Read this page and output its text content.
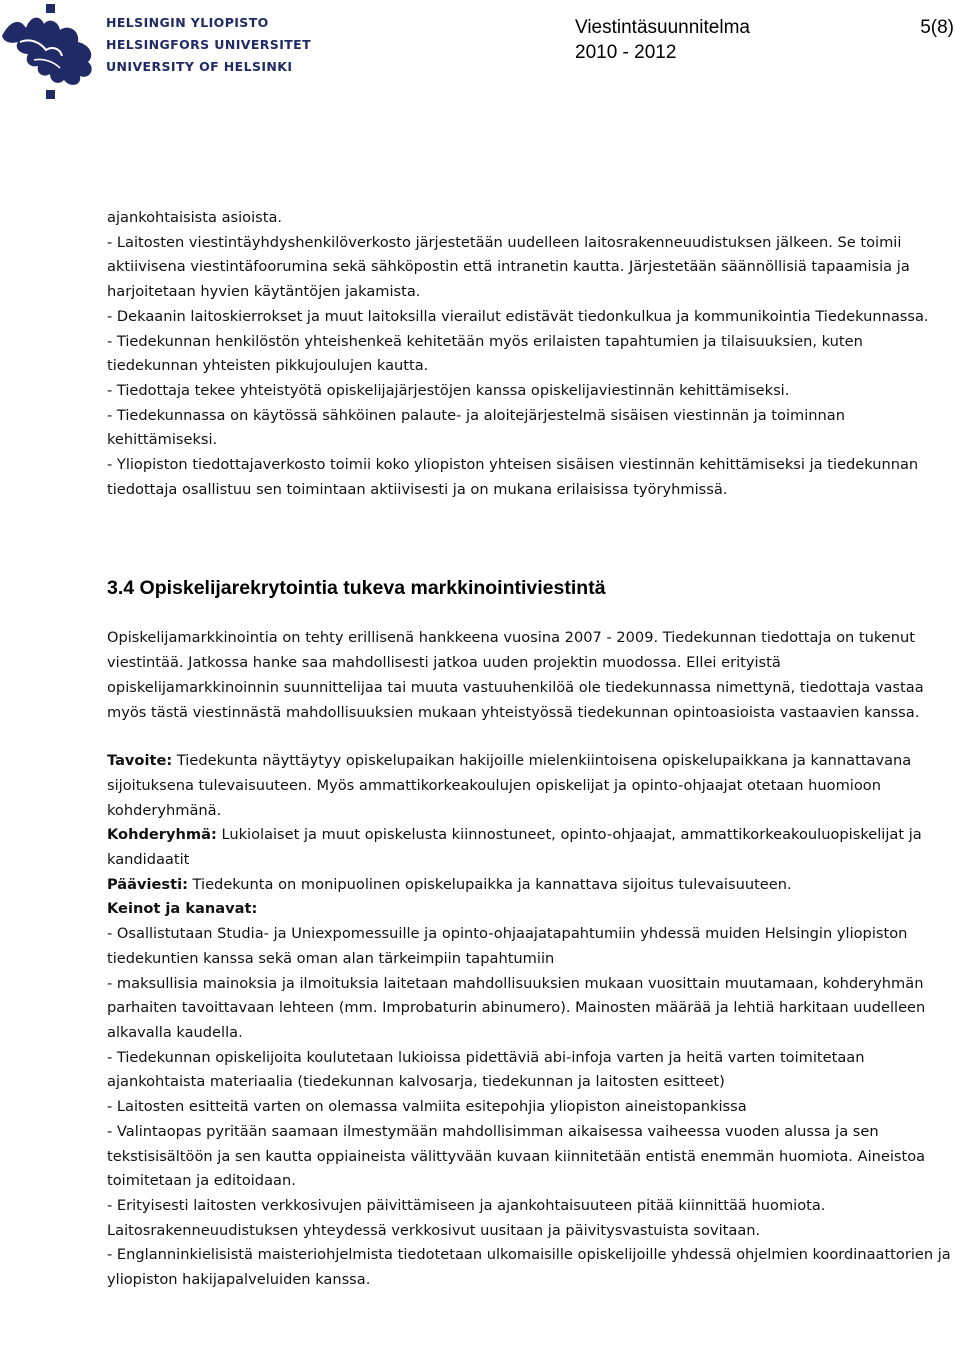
HELSINGIN YLIOPISTO
HELSINGFORS UNIVERSITET
UNIVERSITY OF HELSINKI
Viestintäsuunnitelma
2010 - 2012
5(8)

ajankohtaisista asioista.

- Laitosten viestintäyhdyshenkilöverkosto järjestetään uudelleen laitosrakenneuudistuksen jälkeen. Se toimii aktiivisena viestintäfoorumina sekä sähköpostin että intranetin kautta. Järjestetään säännöllisiä tapaamisia ja harjoitetaan hyvien käytäntöjen jakamista.

- Dekaanin laitoskierrokset ja muut laitoksilla vierailut edistävät tiedonkulkua ja kommunikointia Tiedekunnassa.

- Tiedekunnan henkilöstön yhteishenkeä kehitetään myös erilaisten tapahtumien ja tilaisuuksien, kuten tiedekunnan yhteisten pikkujoulujen kautta.

- Tiedottaja tekee yhteistyötä opiskelijajärjestöjen kanssa opiskelijaviestinnän kehittämiseksi.

- Tiedekunnassa on käytössä sähköinen palaute- ja aloitejärjestelmä sisäisen viestinnän ja toiminnan kehittämiseksi.

- Yliopiston tiedottajaverkosto toimii koko yliopiston yhteisen sisäisen viestinnän kehittämiseksi ja tiedekunnan tiedottaja osallistuu sen toimintaan aktiivisesti ja on mukana erilaisissa työryhmissä.

3.4 Opiskelijarekrytointia tukeva markkinointiviestintä

Opiskelijamarkkinointia on tehty erillisenä hankkeena vuosina 2007 - 2009. Tiedekunnan tiedottaja on tukenut viestintää. Jatkossa hanke saa mahdollisesti jatkoa uuden projektin muodossa. Ellei erityistä opiskelijamarkkinoinnin suunnittelijaa tai muuta vastuuhenkilöä ole tiedekunnassa nimettynä, tiedottaja vastaa myös tästä viestinnästä mahdollisuuksien mukaan yhteistyössä tiedekunnan opintoasioista vastaavien kanssa.

Tavoite: Tiedekunta näyttäytyy opiskelupaikan hakijoille mielenkiintoisena opiskelupaikkana ja kannattavana sijoituksena tulevaisuuteen. Myös ammattikorkeakoulujen opiskelijat ja opinto-ohjaajat otetaan huomioon kohderyhmänä.

Kohderyhmä: Lukiolaiset ja muut opiskelusta kiinnostuneet, opinto-ohjaajat, ammattikorkeakouluopiskelijat ja kandidaatit

Pääviesti: Tiedekunta on monipuolinen opiskelupaikka ja kannattava sijoitus tulevaisuuteen.

Keinot ja kanavat:

- Osallistutaan Studia- ja Uniexpomessuille ja opinto-ohjaajatapahtumiin yhdessä muiden Helsingin yliopiston tiedekuntien kanssa sekä oman alan tärkeimpiin tapahtumiin

- maksullisia mainoksia ja ilmoituksia laitetaan mahdollisuuksien mukaan vuosittain muutamaan, kohderyhmän parhaiten tavoittavaan lehteen (mm. Improbaturin abinumero). Mainosten määrää ja lehtiä harkitaan uudelleen alkavalla kaudella.

- Tiedekunnan opiskelijoita koulutetaan lukioissa pidettäviä abi-infoja varten ja heitä varten toimitetaan ajankohtaista materiaalia (tiedekunnan kalvosarja, tiedekunnan ja laitosten esitteet)

- Laitosten esitteitä varten on olemassa valmiita esitepohjia yliopiston aineistopankissa

- Valintaopas pyritään saamaan ilmestymään mahdollisimman aikaisessa vaiheessa vuoden alussa ja sen tekstisisältöön ja sen kautta oppiaineista välittyvään kuvaan kiinnitetään entistä enemmän huomiota. Aineistoa toimitetaan ja editoidaan.

- Erityisesti laitosten verkkosivujen päivittämiseen ja ajankohtaisuuteen pitää kiinnittää huomiota. Laitosrakenneuudistuksen yhteydessä verkkosivut uusitaan ja päivitysvastuista sovitaan.

- Englanninkielisistä maisteriohjelmista tiedotetaan ulkomaisille opiskelijoille yhdessä ohjelmien koordinaattorien ja yliopiston hakijapalveluiden kanssa.
